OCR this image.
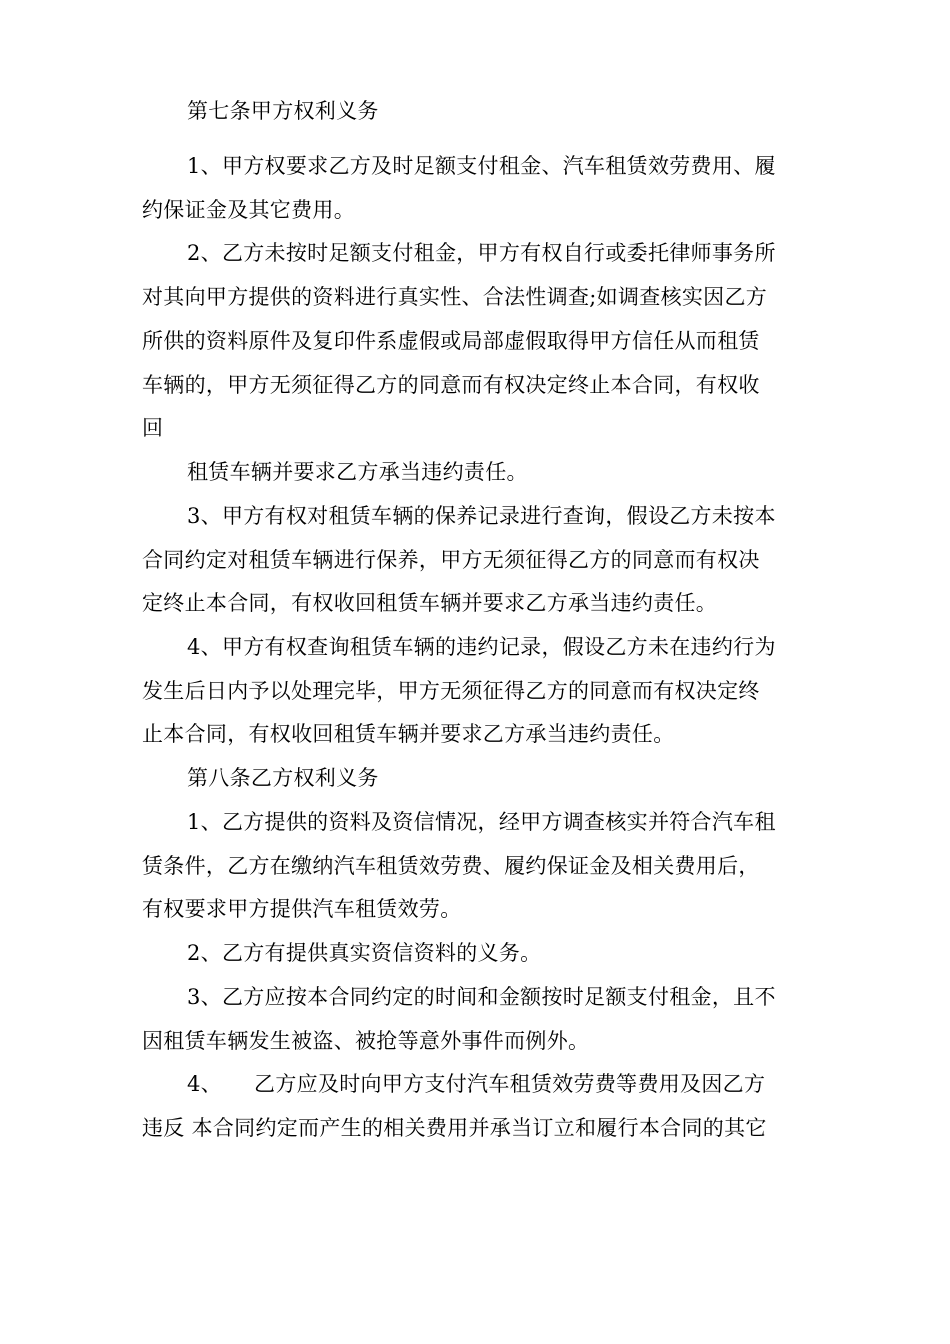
第七条甲方权利义务
1、甲方权要求乙方及时足额支付租金、汽车租赁效劳费用、履
约保证金及其它费用。
2、乙方未按时足额支付租金，甲方有权自行或委托律师事务所
对其向甲方提供的资料进行真实性、合法性调查;如调查核实因乙方
所供的资料原件及复印件系虚假或局部虚假取得甲方信任从而租赁
车辆的，甲方无须征得乙方的同意而有权决定终止本合同，有权收
回
租赁车辆并要求乙方承当违约责任。
3、甲方有权对租赁车辆的保养记录进行查询，假设乙方未按本
合同约定对租赁车辆进行保养，甲方无须征得乙方的同意而有权决
定终止本合同，有权收回租赁车辆并要求乙方承当违约责任。
4、甲方有权查询租赁车辆的违约记录，假设乙方未在违约行为
发生后日内予以处理完毕，甲方无须征得乙方的同意而有权决定终
止本合同，有权收回租赁车辆并要求乙方承当违约责任。
第八条乙方权利义务
1、乙方提供的资料及资信情况，经甲方调查核实并符合汽车租
赁条件，乙方在缴纳汽车租赁效劳费、履约保证金及相关费用后，
有权要求甲方提供汽车租赁效劳。
2、乙方有提供真实资信资料的义务。
3、乙方应按本合同约定的时间和金额按时足额支付租金，且不
因租赁车辆发生被盗、被抢等意外事件而例外。
4、　　乙方应及时向甲方支付汽车租赁效劳费等费用及因乙方
违反 本合同约定而产生的相关费用并承当订立和履行本合同的其它
